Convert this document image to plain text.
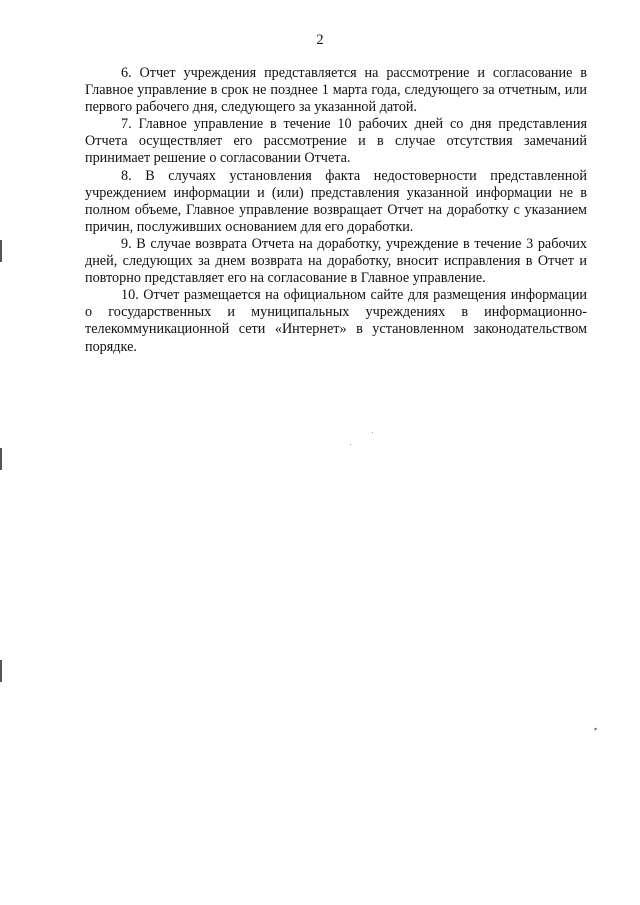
2

6. Отчет учреждения представляется на рассмотрение и согласование в Главное управление в срок не позднее 1 марта года, следующего за отчетным, или первого рабочего дня, следующего за указанной датой.

7. Главное управление в течение 10 рабочих дней со дня представления Отчета осуществляет его рассмотрение и в случае отсутствия замечаний принимает решение о согласовании Отчета.

8. В случаях установления факта недостоверности представленной учреждением информации и (или) представления указанной информации не в полном объеме, Главное управление возвращает Отчет на доработку с указанием причин, послуживших основанием для его доработки.

9. В случае возврата Отчета на доработку, учреждение в течение 3 рабочих дней, следующих за днем возврата на доработку, вносит исправления в Отчет и повторно представляет его на согласование в Главное управление.

10. Отчет размещается на официальном сайте для размещения информации о государственных и муниципальных учреждениях в информационно-телекоммуникационной сети «Интернет» в установленном законодательством порядке.
